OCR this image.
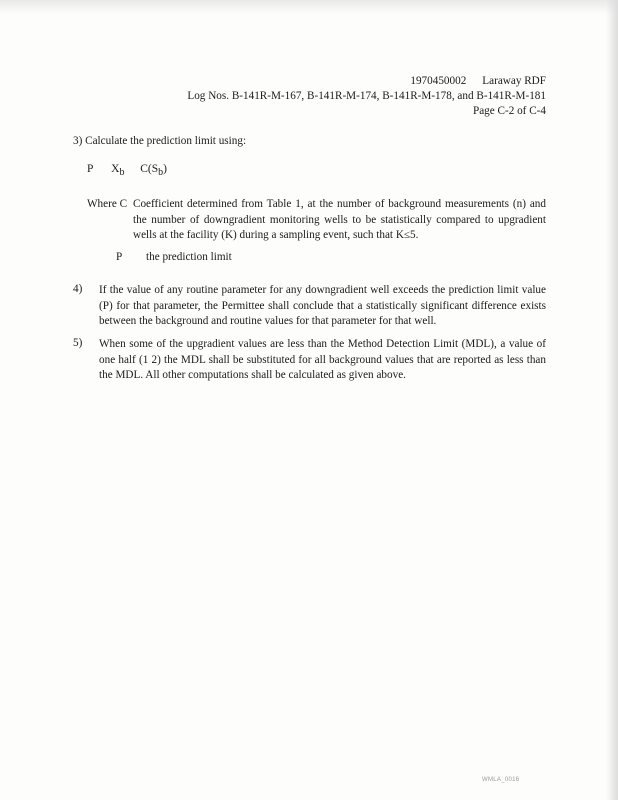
1970450002 Laraway RDF
Log Nos. B-141R-M-167, B-141R-M-174, B-141R-M-178, and B-141R-M-181
Page C-2 of C-4
3) Calculate the prediction limit using:
P $X_b$ $C(S_b)$
Where C Coefficient determined from Table 1, at the number of background measurements (n) and the number of downgradient monitoring wells to be statistically compared to upgradient wells at the facility (K) during a sampling event, such that K≤5.
P the prediction limit
4) If the value of any routine parameter for any downgradient well exceeds the prediction limit value (P) for that parameter, the Permittee shall conclude that a statistically significant difference exists between the background and routine values for that parameter for that well.
5) When some of the upgradient values are less than the Method Detection Limit (MDL), a value of one half (1 2) the MDL shall be substituted for all background values that are reported as less than the MDL. All other computations shall be calculated as given above.
WMLA_0016
